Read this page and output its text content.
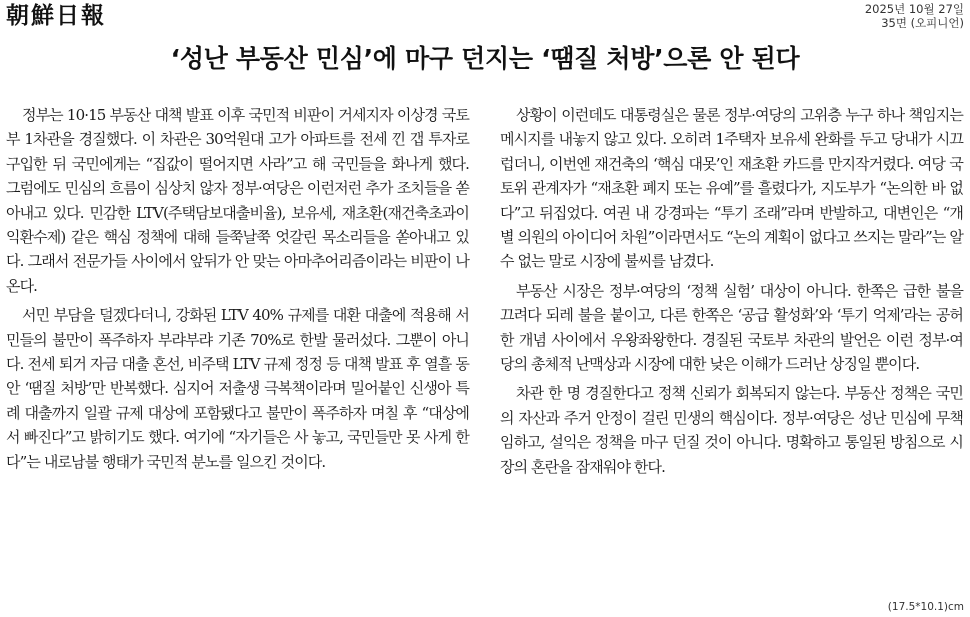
朝鮮日報	2025년 10월 27일
35면 (오피니언)
‘성난 부동산 민심’에 마구 던지는 ‘땜질 처방’으론 안 된다

정부는 10·15 부동산 대책 발표 이후 국민적 비판이 거세지자 이상경 국토부 1차관을 경질했다. 이 차관은 30억원대 고가 아파트를 전세 낀 갭 투자로 구입한 뒤 국민에게는 “집값이 떨어지면 사라”고 해 국민들을 화나게 했다. 그럼에도 민심의 흐름이 심상치 않자 정부·여당은 이런저런 추가 조치들을 쏟아내고 있다. 민감한 LTV(주택담보대출비율), 보유세, 재초환(재건축초과이익환수제) 같은 핵심 정책에 대해 들쭉날쭉 엇갈린 목소리들을 쏟아내고 있다. 그래서 전문가들 사이에서 앞뒤가 안 맞는 아마추어리즘이라는 비판이 나온다.

서민 부담을 덜겠다더니, 강화된 LTV 40% 규제를 대환 대출에 적용해 서민들의 불만이 폭주하자 부랴부랴 기존 70%로 한발 물러섰다. 그뿐이 아니다. 전세 퇴거 자금 대출 혼선, 비주택 LTV 규제 정정 등 대책 발표 후 열흘 동안 ‘땜질 처방’만 반복했다. 심지어 저출생 극복책이라며 밀어붙인 신생아 특례 대출까지 일괄 규제 대상에 포함됐다고 불만이 폭주하자 며칠 후 “대상에서 빠진다”고 밝히기도 했다. 여기에 “자기들은 사 놓고, 국민들만 못 사게 한다”는 내로남불 행태가 국민적 분노를 일으킨 것이다.

상황이 이런데도 대통령실은 물론 정부·여당의 고위층 누구 하나 책임지는 메시지를 내놓지 않고 있다. 오히려 1주택자 보유세 완화를 두고 당내가 시끄럽더니, 이번엔 재건축의 ‘핵심 대못’인 재초환 카드를 만지작거렸다. 여당 국토위 관계자가 “재초환 폐지 또는 유예”를 흘렸다가, 지도부가 “논의한 바 없다”고 뒤집었다. 여권 내 강경파는 “투기 조래”라며 반발하고, 대변인은 “개별 의원의 아이디어 차원”이라면서도 “논의 계획이 없다고 쓰지는 말라”는 알 수 없는 말로 시장에 불씨를 남겼다.

부동산 시장은 정부·여당의 ‘정책 실험’ 대상이 아니다. 한쪽은 급한 불을 끄려다 되레 불을 붙이고, 다른 한쪽은 ‘공급 활성화’와 ‘투기 억제’라는 공허한 개념 사이에서 우왕좌왕한다. 경질된 국토부 차관의 발언은 이런 정부·여당의 총체적 난맥상과 시장에 대한 낮은 이해가 드러난 상징일 뿐이다.

차관 한 명 경질한다고 정책 신뢰가 회복되지 않는다. 부동산 정책은 국민의 자산과 주거 안정이 걸린 민생의 핵심이다. 정부·여당은 성난 민심에 무책임하고, 설익은 정책을 마구 던질 것이 아니다. 명확하고 통일된 방침으로 시장의 혼란을 잠재워야 한다.

(17.5*10.1)cm
